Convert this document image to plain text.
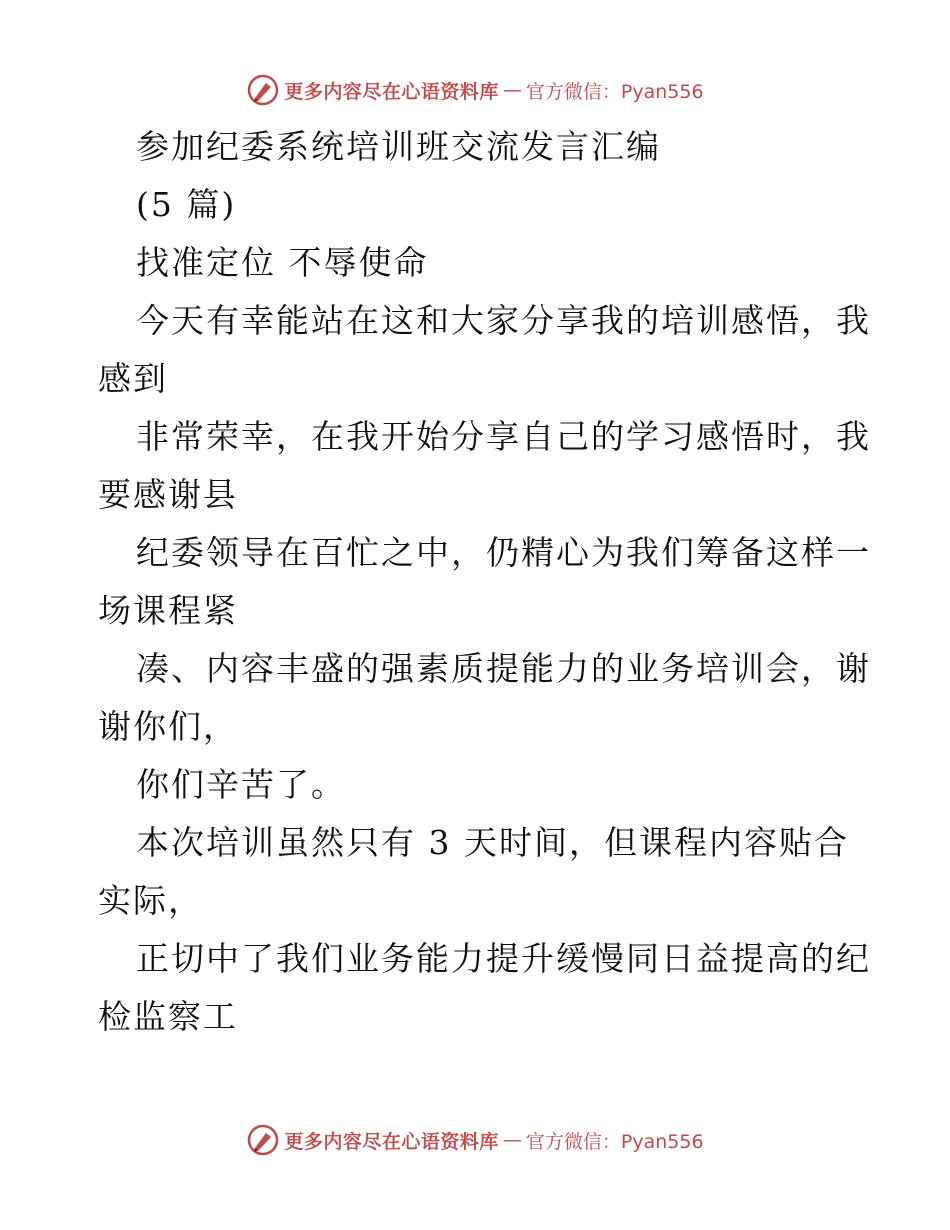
更多内容尽在心语资料库 — 官方微信：Pyan556
参加纪委系统培训班交流发言汇编
(5 篇)
找准定位 不辱使命
今天有幸能站在这和大家分享我的培训感悟，我
感到
非常荣幸，在我开始分享自己的学习感悟时，我
要感谢县
纪委领导在百忙之中，仍精心为我们筹备这样一
场课程紧
凑、内容丰盛的强素质提能力的业务培训会，谢
谢你们，
你们辛苦了。
本次培训虽然只有 3 天时间，但课程内容贴合
实际，
正切中了我们业务能力提升缓慢同日益提高的纪
检监察工
更多内容尽在心语资料库 — 官方微信：Pyan556
